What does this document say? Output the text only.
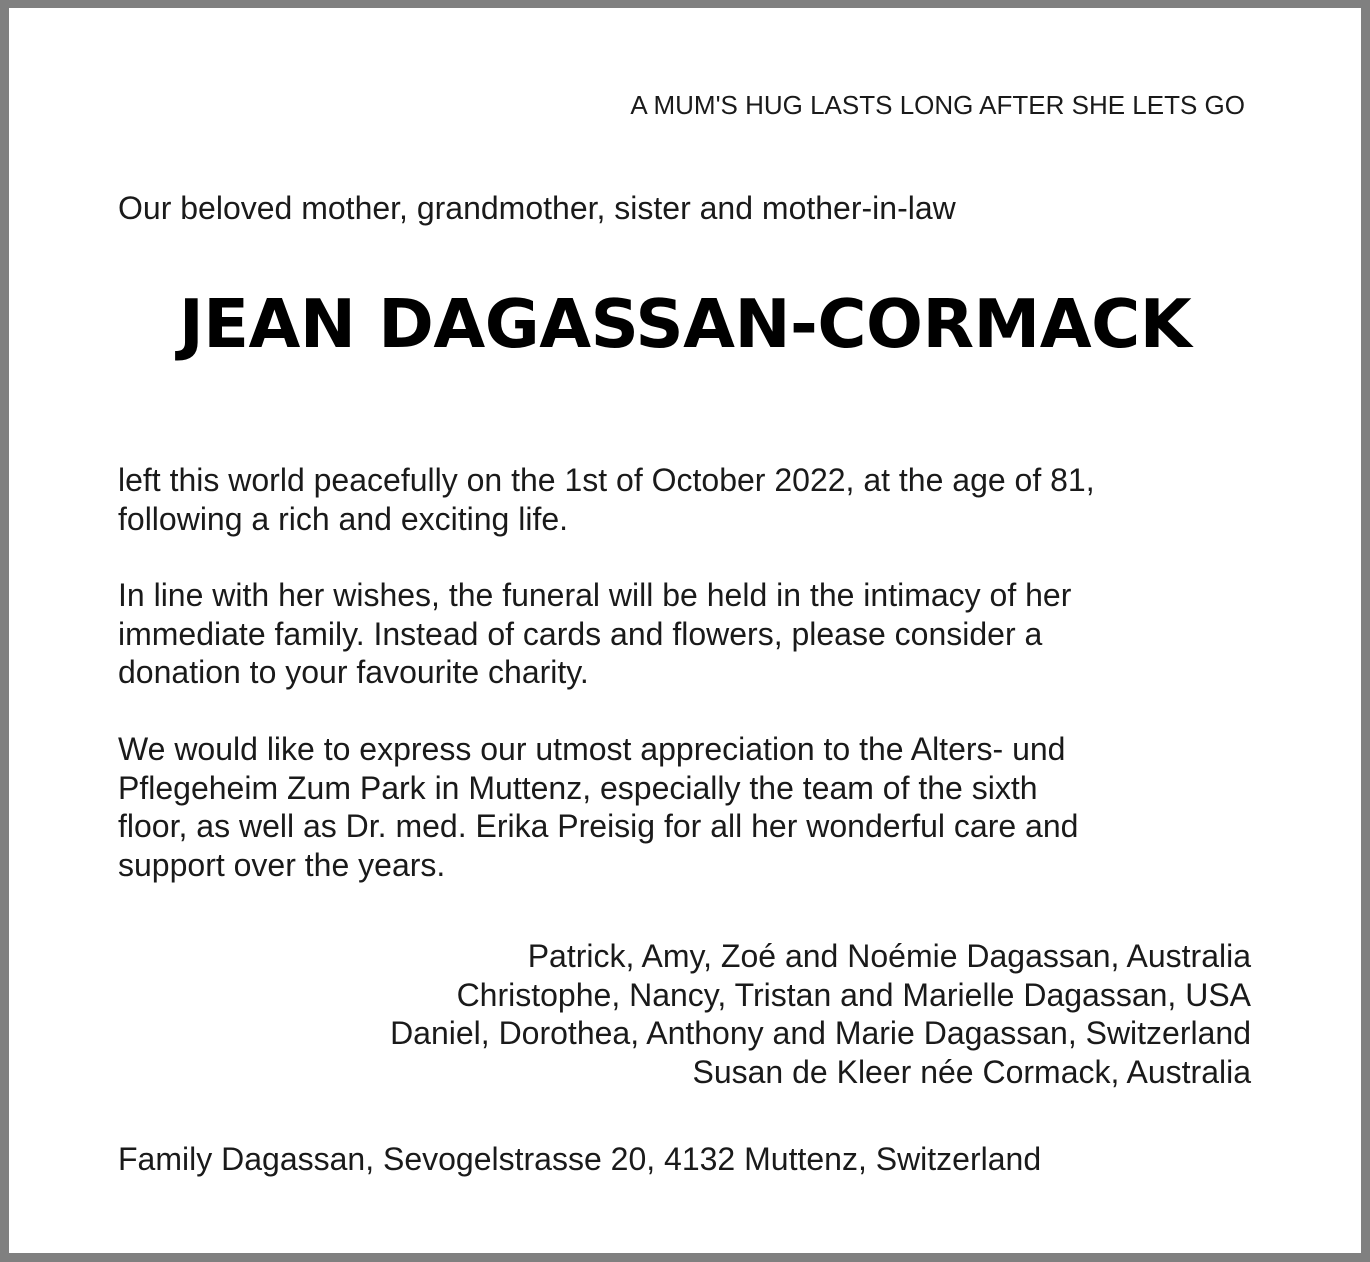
A MUM'S HUG LASTS LONG AFTER SHE LETS GO
Our beloved mother, grandmother, sister and mother-in-law
JEAN DAGASSAN-CORMACK

left this world peacefully on the 1st of October 2022, at the age of 81,
following a rich and exciting life.

In line with her wishes, the funeral will be held in the intimacy of her
immediate family. Instead of cards and flowers, please consider a
donation to your favourite charity.

We would like to express our utmost appreciation to the Alters- und
Pflegeheim Zum Park in Muttenz, especially the team of the sixth
floor, as well as Dr. med. Erika Preisig for all her wonderful care and
support over the years.

Patrick, Amy, Zoé and Noémie Dagassan, Australia
Christophe, Nancy, Tristan and Marielle Dagassan, USA
Daniel, Dorothea, Anthony and Marie Dagassan, Switzerland
Susan de Kleer née Cormack, Australia
Family Dagassan, Sevogelstrasse 20, 4132 Muttenz, Switzerland
